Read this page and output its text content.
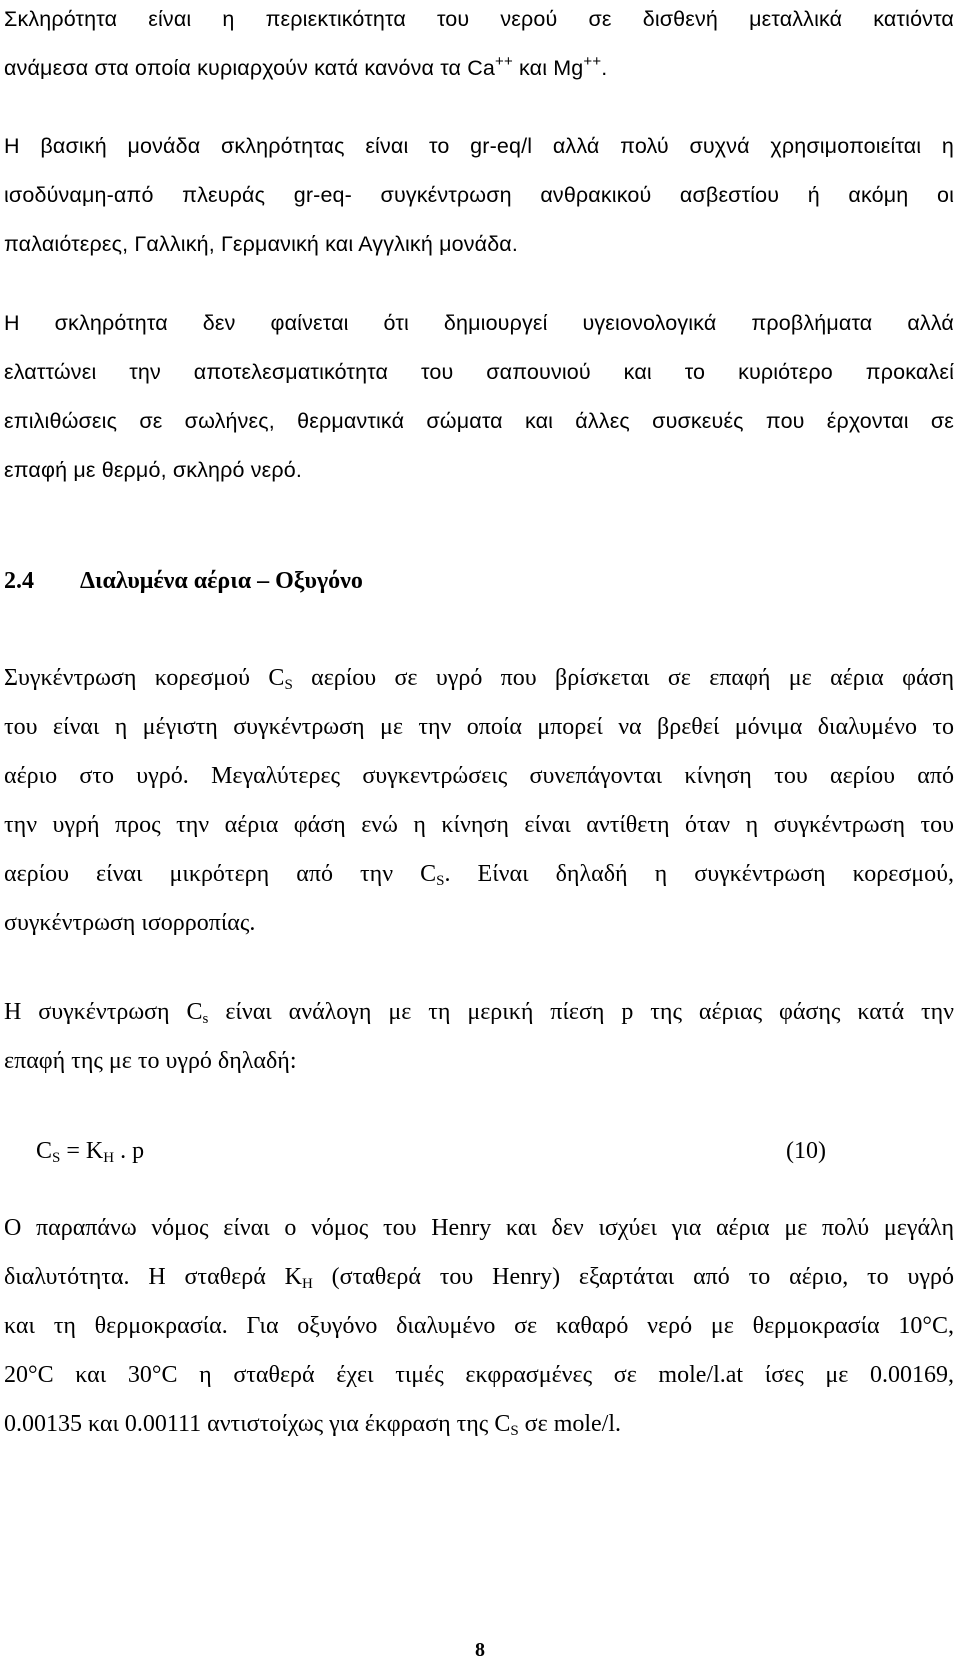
Σκληρότητα είναι η περιεκτικότητα του νερού σε δισθενή μεταλλικά κατιόντα
ανάμεσα στα οποία κυριαρχούν κατά κανόνα τα Ca++ και Mg++.
Η βασική μονάδα σκληρότητας είναι το gr-eq/l αλλά πολύ συχνά χρησιμοποιείται η
ισοδύναμη-από πλευράς gr-eq- συγκέντρωση ανθρακικού ασβεστίου ή ακόμη οι
παλαιότερες, Γαλλική, Γερμανική και Αγγλική μονάδα.
Η σκληρότητα δεν φαίνεται ότι δημιουργεί υγειονολογικά προβλήματα αλλά
ελαττώνει την αποτελεσματικότητα του σαπουνιού και το κυριότερο προκαλεί
επιλιθώσεις σε σωλήνες, θερμαντικά σώματα και άλλες συσκευές που έρχονται σε
επαφή με θερμό, σκληρό νερό.
2.4 Διαλυμένα αέρια – Οξυγόνο
Συγκέντρωση κορεσμού $C_S$ αερίου σε υγρό που βρίσκεται σε επαφή με αέρια φάση
του είναι η μέγιστη συγκέντρωση με την οποία μπορεί να βρεθεί μόνιμα διαλυμένο το
αέριο στο υγρό. Μεγαλύτερες συγκεντρώσεις συνεπάγονται κίνηση του αερίου από
την υγρή προς την αέρια φάση ενώ η κίνηση είναι αντίθετη όταν η συγκέντρωση του
αερίου είναι μικρότερη από την $C_S$. Είναι δηλαδή η συγκέντρωση κορεσμού,
συγκέντρωση ισορροπίας.
Η συγκέντρωση $C_s$ είναι ανάλογη με τη μερική πίεση p της αέριας φάσης κατά την
επαφή της με το υγρό δηλαδή:
$C_S = K_H$ . p	(10)
Ο παραπάνω νόμος είναι ο νόμος του Henry και δεν ισχύει για αέρια με πολύ μεγάλη
διαλυτότητα. Η σταθερά $K_H$ (σταθερά του Henry) εξαρτάται από το αέριο, το υγρό
και τη θερμοκρασία. Για οξυγόνο διαλυμένο σε καθαρό νερό με θερμοκρασία 10°C,
20°C και 30°C η σταθερά έχει τιμές εκφρασμένες σε mole/l.at ίσες με 0.00169,
0.00135 και 0.00111 αντιστοίχως για έκφραση της $C_S$ σε mole/l.
8
